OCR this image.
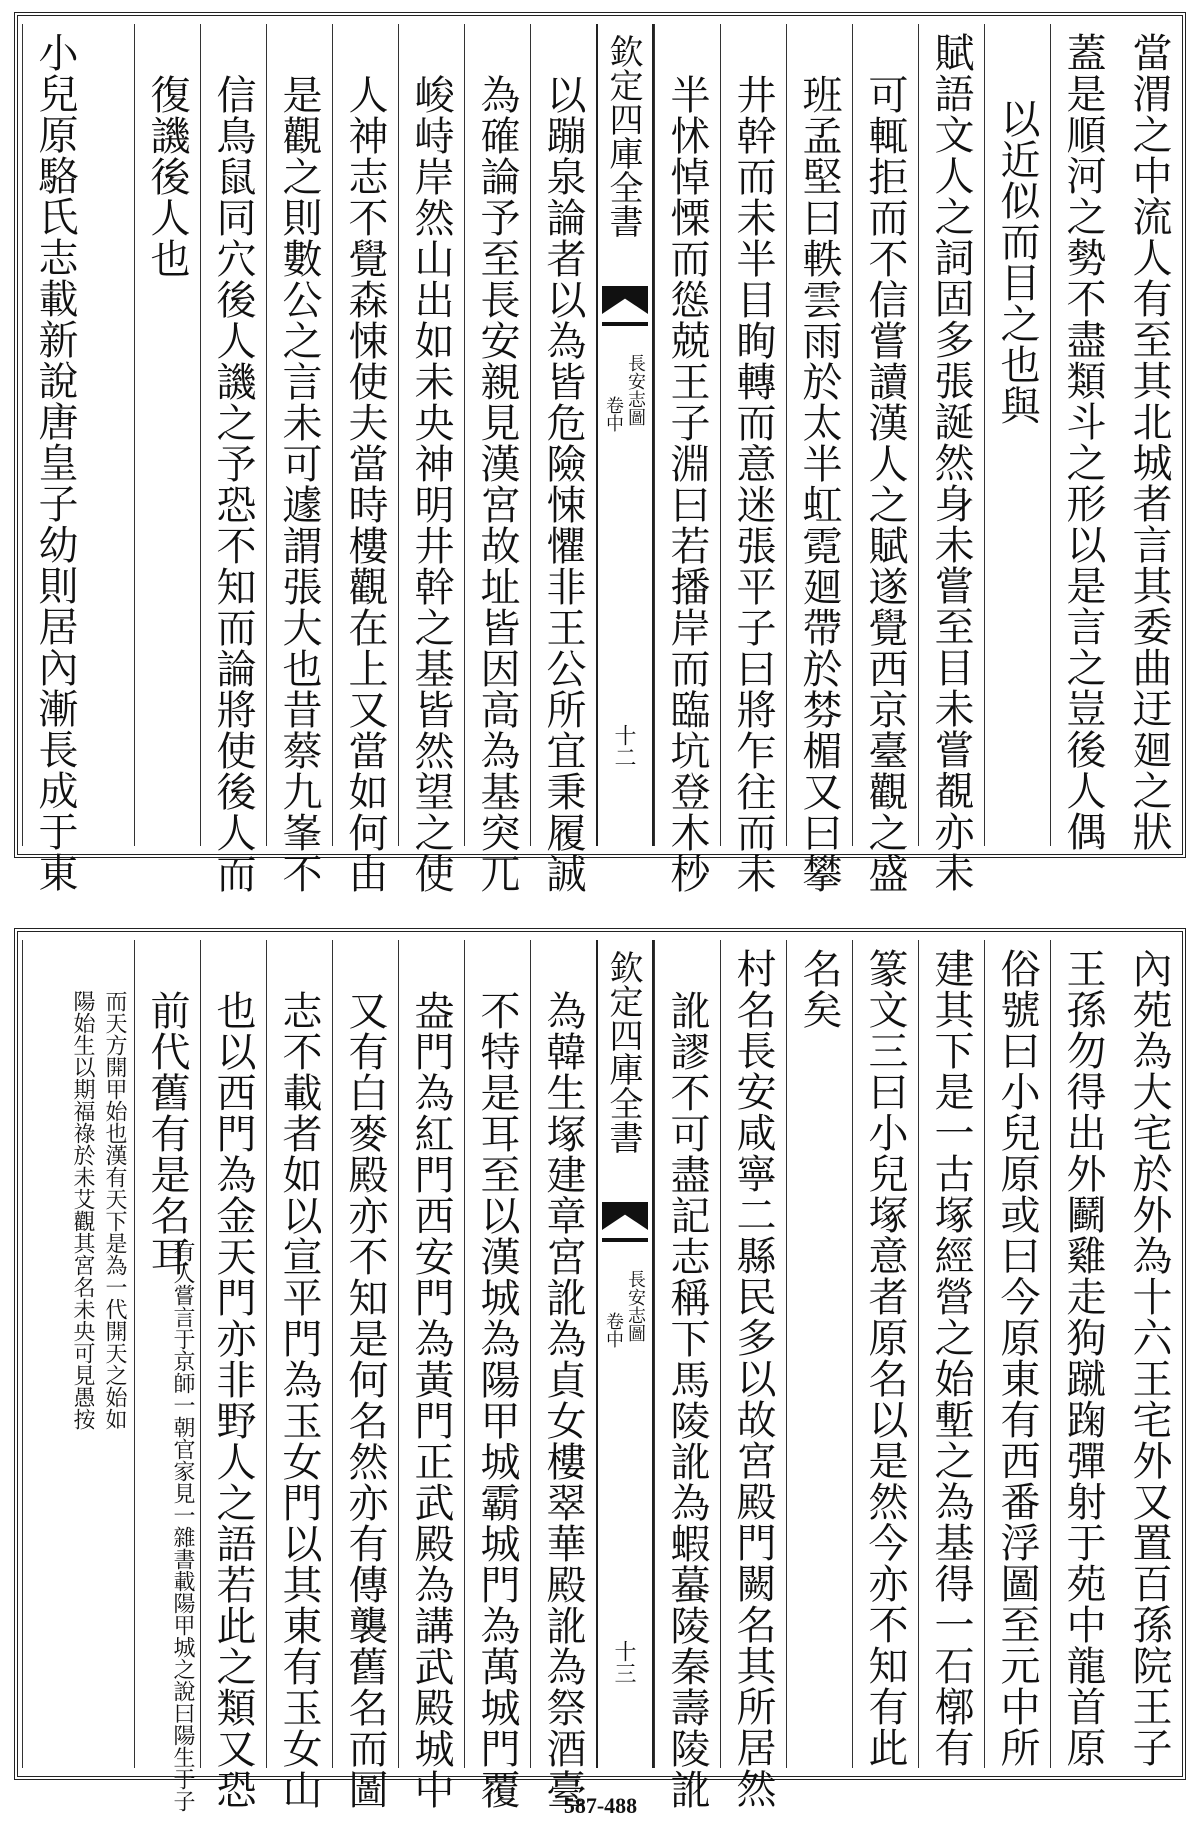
當渭之中流人有至其北城者言其委曲迂廻之狀
蓋是順河之勢不盡類斗之形以是言之豈後人偶
以近似而目之也與
賦語文人之詞固多張誕然身未嘗至目未嘗覩亦未
可輒拒而不信嘗讀漢人之賦遂覺西京臺觀之盛
班孟堅曰軼雲雨於太半虹霓廻帶於棼楣又曰攀
井幹而未半目眴轉而意迷張平子曰將乍往而未
半怵悼慄而慫兢王子淵曰若播岸而臨坑登木杪
欽定四庫全書
長安志圖
卷中
十二
以蹦泉論者以為皆危險悚懼非王公所宜秉履誠
為確論予至長安親見漢宮故址皆因高為基突兀
峻峙岸然山出如未央神明井幹之基皆然望之使
人神志不覺森悚使夫當時樓觀在上又當如何由
是觀之則數公之言未可遽謂張大也昔蔡九峯不
信鳥鼠同穴後人譏之予恐不知而論將使後人而
復譏後人也
小兒原駱氏志載新說唐皇子幼則居內漸長成于東
內苑為大宅於外為十六王宅外又置百孫院王子
王孫勿得出外鬬雞走狗蹴踘彈射于苑中龍首原
俗號曰小兒原或曰今原東有西番浮圖至元中所
建其下是一古塚經營之始塹之為基得一石槨有
篆文三曰小兒塚意者原名以是然今亦不知有此
名矣
村名長安咸寧二縣民多以故宮殿門闕名其所居然
訛謬不可盡記志稱下馬陵訛為蝦蟇陵秦壽陵訛
欽定四庫全書
長安志圖
卷中
十三
為韓生塚建章宮訛為貞女樓翠華殿訛為祭酒臺
不特是耳至以漢城為陽甲城霸城門為萬城門覆
盎門為紅門西安門為黃門正武殿為講武殿城中
又有白麥殿亦不知是何名然亦有傳襲舊名而圖
志不載者如以宣平門為玉女門以其東有玉女山
也以西門為金天門亦非野人之語若此之類又恐
前代舊有是名耳
而天方開甲始也漢有天下是為一代開天之始如
陽始生以期福祿於未艾觀其宮名未央可見愚按
有人嘗言于京師一朝官家見一雜書載陽甲城之說曰陽生于子	587-488
